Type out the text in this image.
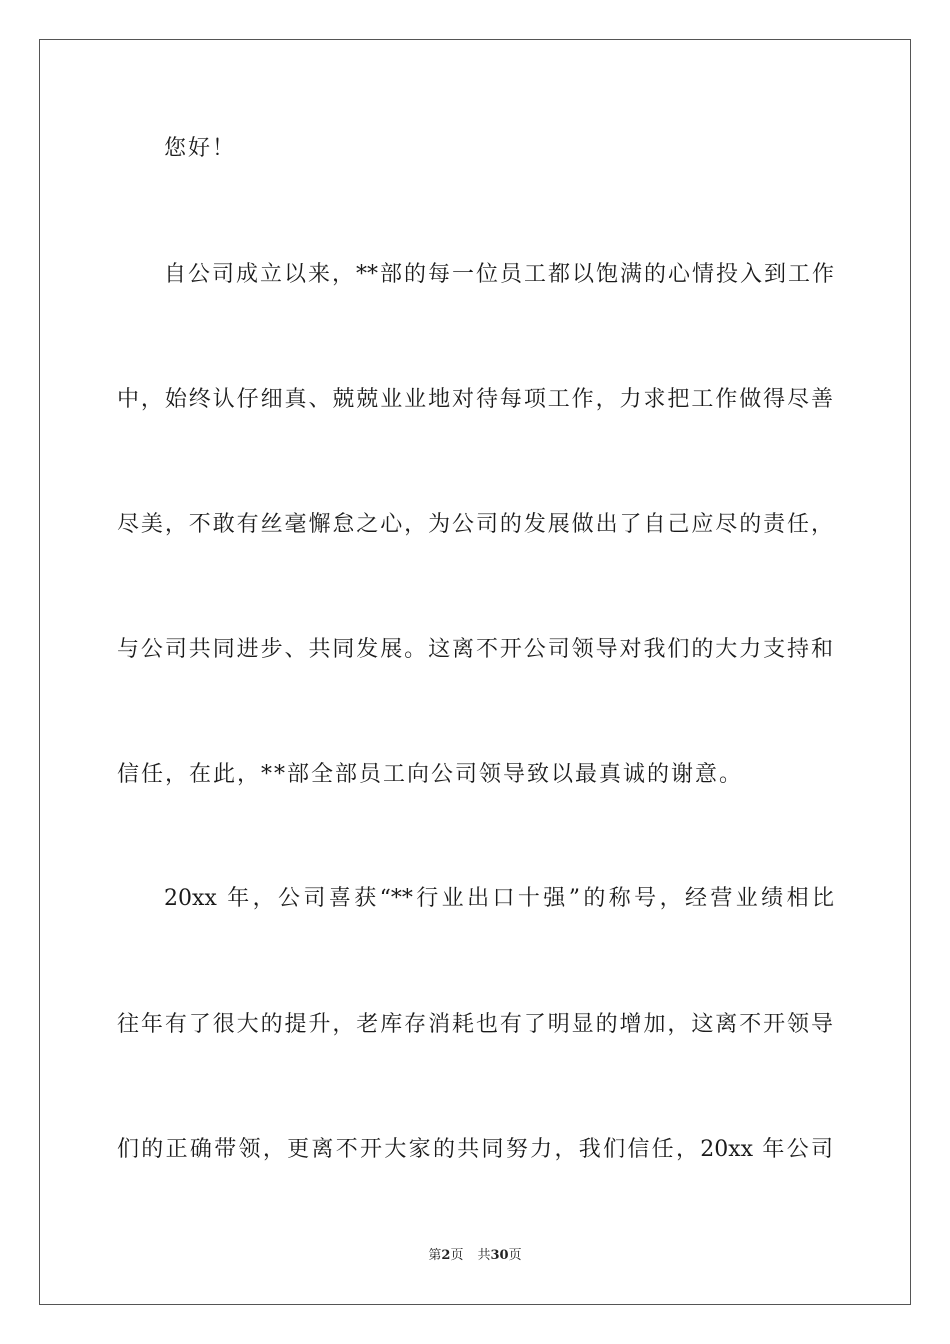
您好！
自公司成立以来，**部的每一位员工都以饱满的心情投入到工作
中，始终认仔细真、兢兢业业地对待每项工作，力求把工作做得尽善
尽美，不敢有丝毫懈怠之心，为公司的发展做出了自己应尽的责任，
与公司共同进步、共同发展。这离不开公司领导对我们的大力支持和
信任，在此，**部全部员工向公司领导致以最真诚的谢意。
20xx 年，公司喜获“**行业出口十强”的称号，经营业绩相比
往年有了很大的提升，老库存消耗也有了明显的增加，这离不开领导
们的正确带领，更离不开大家的共同努力，我们信任，20xx 年公司
第2页 共30页
